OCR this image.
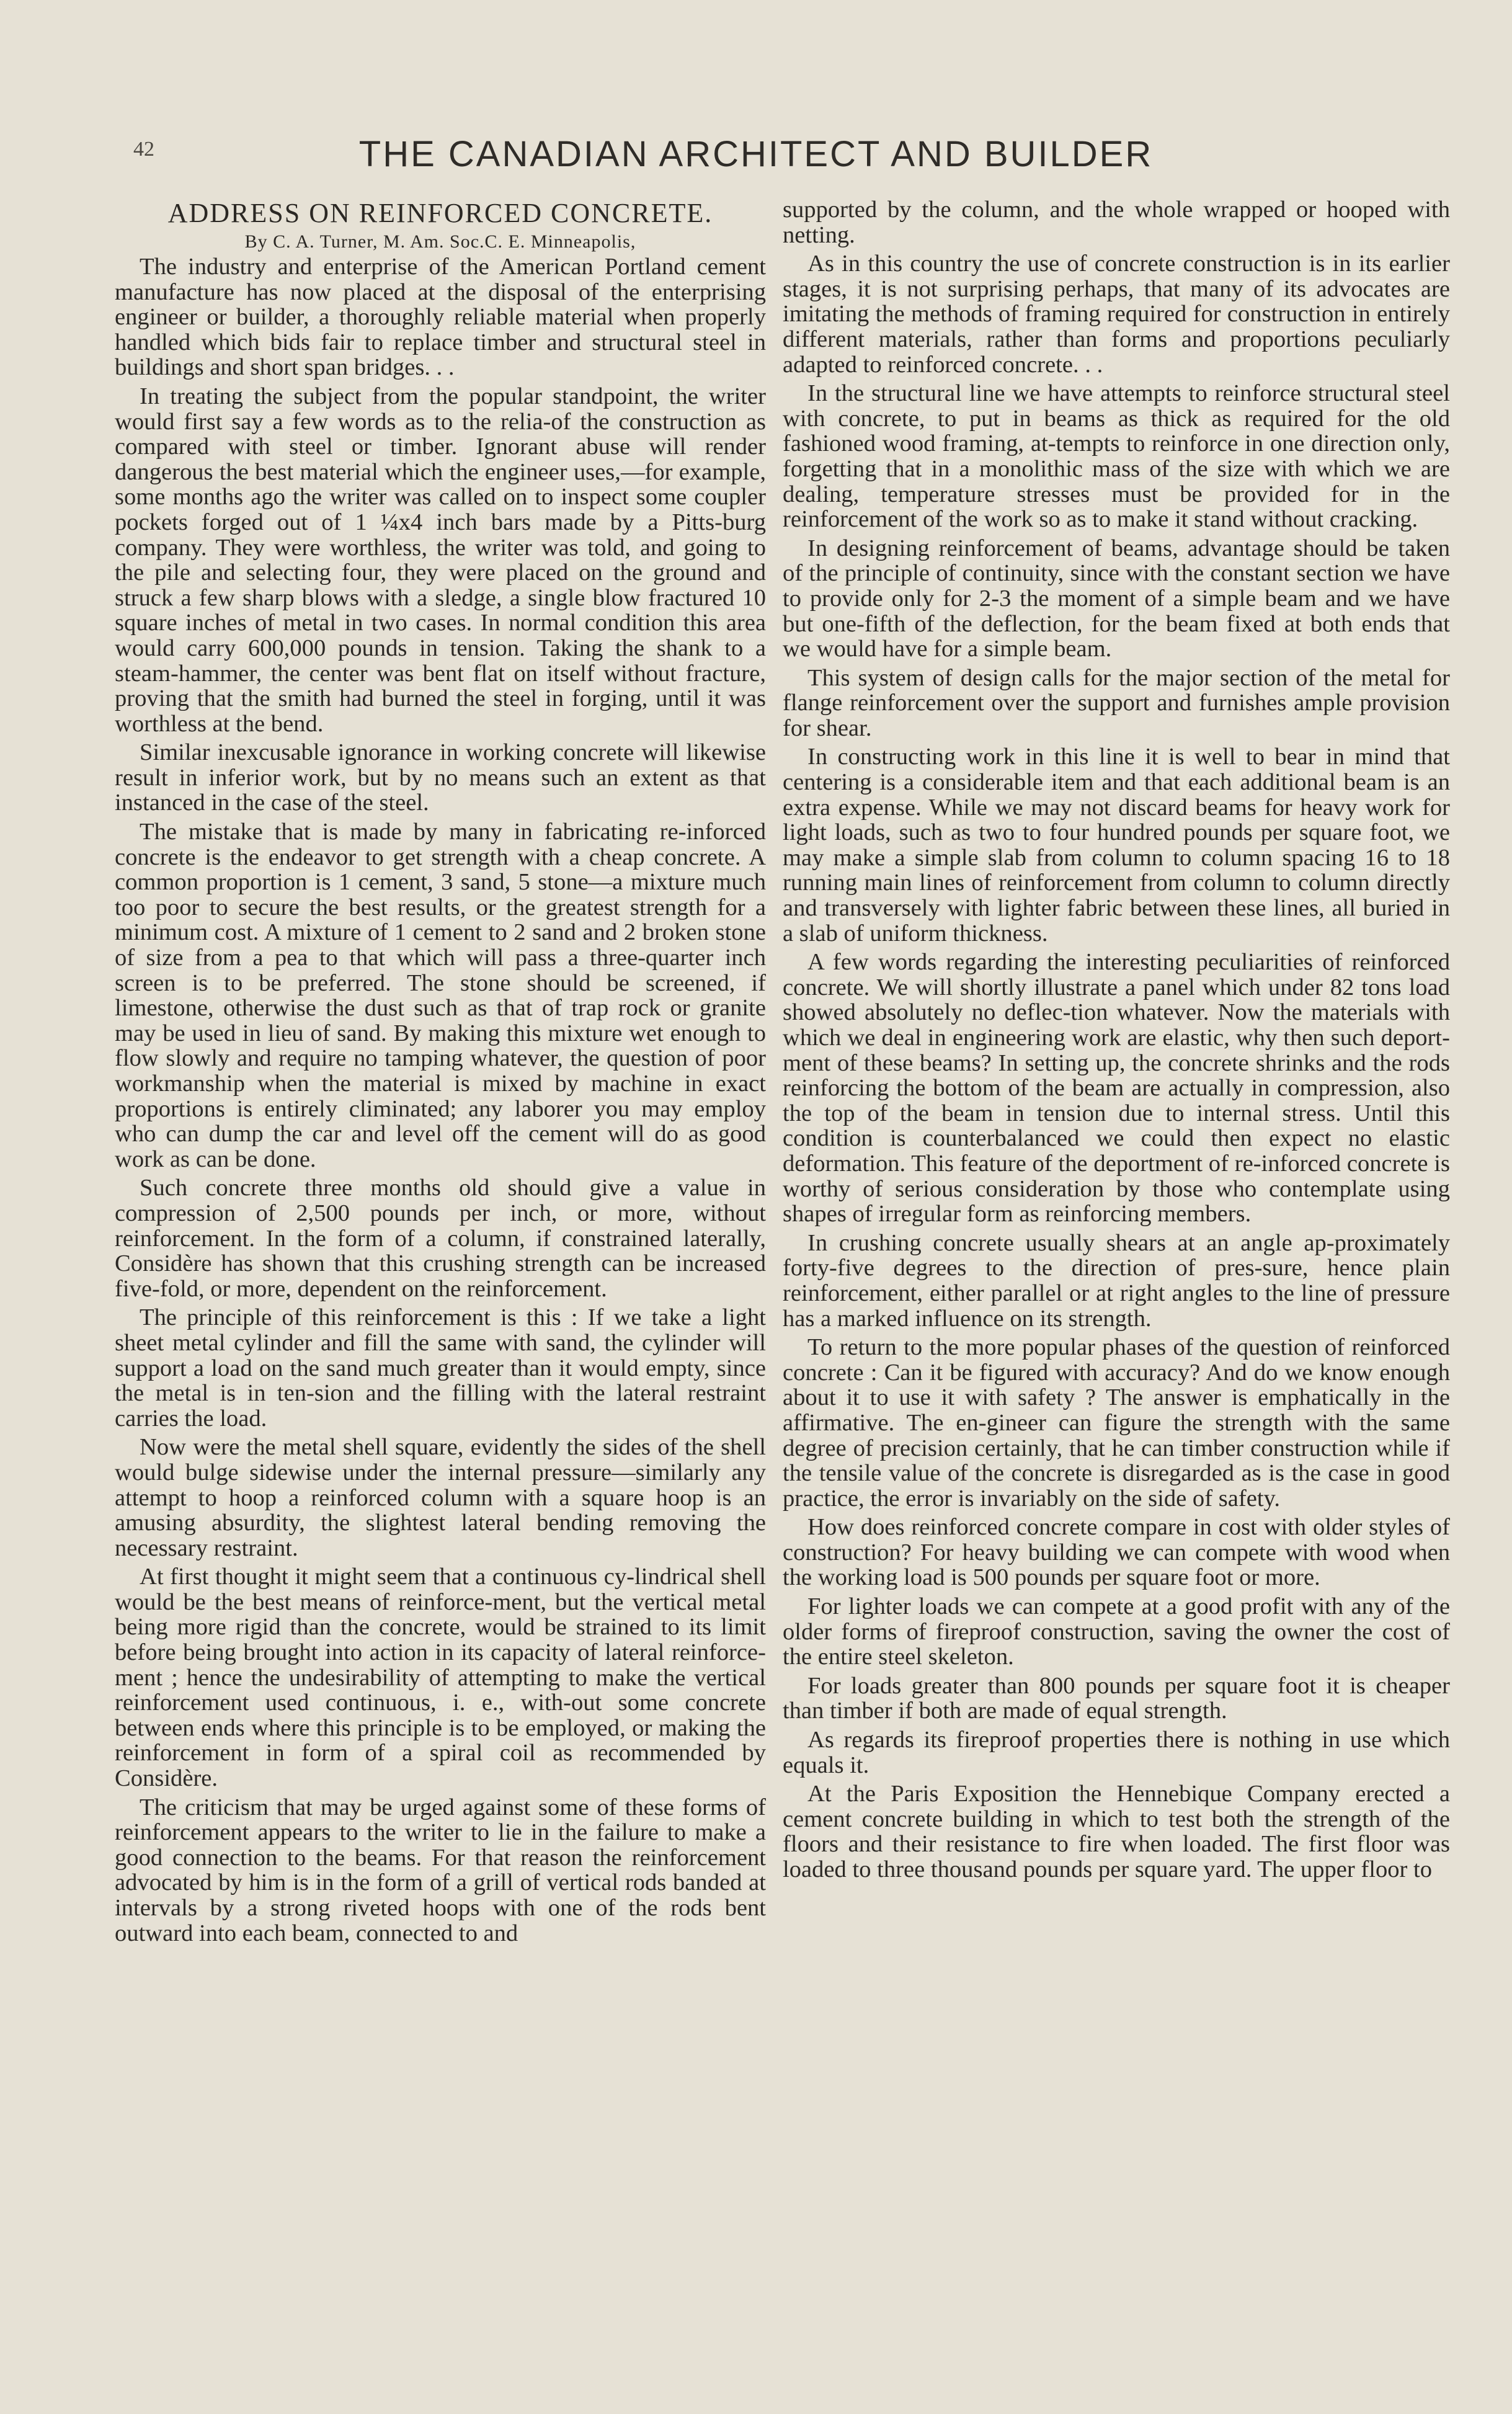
42	THE CANADIAN ARCHITECT AND BUILDER
ADDRESS ON REINFORCED CONCRETE.
By C. A. Turner, M. Am. Soc.C. E. Minneapolis,

The industry and enterprise of the American Portland cement manufacture has now placed at the disposal of the enterprising engineer or builder, a thoroughly reliable material when properly handled which bids fair to replace timber and structural steel in buildings and short span bridges. . .

In treating the subject from the popular standpoint, the writer would first say a few words as to the relia-of the construction as compared with steel or timber. Ignorant abuse will render dangerous the best material which the engineer uses,—for example, some months ago the writer was called on to inspect some coupler pockets forged out of 1 ¼x4 inch bars made by a Pitts-burg company. They were worthless, the writer was told, and going to the pile and selecting four, they were placed on the ground and struck a few sharp blows with a sledge, a single blow fractured 10 square inches of metal in two cases. In normal condition this area would carry 600,000 pounds in tension. Taking the shank to a steam-hammer, the center was bent flat on itself without fracture, proving that the smith had burned the steel in forging, until it was worthless at the bend.

Similar inexcusable ignorance in working concrete will likewise result in inferior work, but by no means such an extent as that instanced in the case of the steel.

The mistake that is made by many in fabricating re-inforced concrete is the endeavor to get strength with a cheap concrete. A common proportion is 1 cement, 3 sand, 5 stone—a mixture much too poor to secure the best results, or the greatest strength for a minimum cost. A mixture of 1 cement to 2 sand and 2 broken stone of size from a pea to that which will pass a three-quarter inch screen is to be preferred. The stone should be screened, if limestone, otherwise the dust such as that of trap rock or granite may be used in lieu of sand. By making this mixture wet enough to flow slowly and require no tamping whatever, the question of poor workmanship when the material is mixed by machine in exact proportions is entirely climinated; any laborer you may employ who can dump the car and level off the cement will do as good work as can be done.

Such concrete three months old should give a value in compression of 2,500 pounds per inch, or more, without reinforcement. In the form of a column, if constrained laterally, Considère has shown that this crushing strength can be increased five-fold, or more, dependent on the reinforcement.

The principle of this reinforcement is this : If we take a light sheet metal cylinder and fill the same with sand, the cylinder will support a load on the sand much greater than it would empty, since the metal is in ten-sion and the filling with the lateral restraint carries the load.

Now were the metal shell square, evidently the sides of the shell would bulge sidewise under the internal pressure—similarly any attempt to hoop a reinforced column with a square hoop is an amusing absurdity, the slightest lateral bending removing the necessary restraint.

At first thought it might seem that a continuous cy-lindrical shell would be the best means of reinforce-ment, but the vertical metal being more rigid than the concrete, would be strained to its limit before being brought into action in its capacity of lateral reinforce-ment ; hence the undesirability of attempting to make the vertical reinforcement used continuous, i. e., with-out some concrete between ends where this principle is to be employed, or making the reinforcement in form of a spiral coil as recommended by Considère.

The criticism that may be urged against some of these forms of reinforcement appears to the writer to lie in the failure to make a good connection to the beams. For that reason the reinforcement advocated by him is in the form of a grill of vertical rods banded at intervals by a strong riveted hoops with one of the rods bent outward into each beam, connected to and

supported by the column, and the whole wrapped or hooped with netting.

As in this country the use of concrete construction is in its earlier stages, it is not surprising perhaps, that many of its advocates are imitating the methods of framing required for construction in entirely different materials, rather than forms and proportions peculiarly adapted to reinforced concrete. . .

In the structural line we have attempts to reinforce structural steel with concrete, to put in beams as thick as required for the old fashioned wood framing, at-tempts to reinforce in one direction only, forgetting that in a monolithic mass of the size with which we are dealing, temperature stresses must be provided for in the reinforcement of the work so as to make it stand without cracking.

In designing reinforcement of beams, advantage should be taken of the principle of continuity, since with the constant section we have to provide only for 2-3 the moment of a simple beam and we have but one-fifth of the deflection, for the beam fixed at both ends that we would have for a simple beam.

This system of design calls for the major section of the metal for flange reinforcement over the support and furnishes ample provision for shear.

In constructing work in this line it is well to bear in mind that centering is a considerable item and that each additional beam is an extra expense. While we may not discard beams for heavy work for light loads, such as two to four hundred pounds per square foot, we may make a simple slab from column to column spacing 16 to 18 running main lines of reinforcement from column to column directly and transversely with lighter fabric between these lines, all buried in a slab of uniform thickness.

A few words regarding the interesting peculiarities of reinforced concrete. We will shortly illustrate a panel which under 82 tons load showed absolutely no deflec-tion whatever. Now the materials with which we deal in engineering work are elastic, why then such deport-ment of these beams? In setting up, the concrete shrinks and the rods reinforcing the bottom of the beam are actually in compression, also the top of the beam in tension due to internal stress. Until this condition is counterbalanced we could then expect no elastic deformation. This feature of the deportment of re-inforced concrete is worthy of serious consideration by those who contemplate using shapes of irregular form as reinforcing members.

In crushing concrete usually shears at an angle ap-proximately forty-five degrees to the direction of pres-sure, hence plain reinforcement, either parallel or at right angles to the line of pressure has a marked influence on its strength.

To return to the more popular phases of the question of reinforced concrete : Can it be figured with accuracy? And do we know enough about it to use it with safety ? The answer is emphatically in the affirmative. The en-gineer can figure the strength with the same degree of precision certainly, that he can timber construction while if the tensile value of the concrete is disregarded as is the case in good practice, the error is invariably on the side of safety.

How does reinforced concrete compare in cost with older styles of construction? For heavy building we can compete with wood when the working load is 500 pounds per square foot or more.

For lighter loads we can compete at a good profit with any of the older forms of fireproof construction, saving the owner the cost of the entire steel skeleton.

For loads greater than 800 pounds per square foot it is cheaper than timber if both are made of equal strength.

As regards its fireproof properties there is nothing in use which equals it.

At the Paris Exposition the Hennebique Company erected a cement concrete building in which to test both the strength of the floors and their resistance to fire when loaded. The first floor was loaded to three thousand pounds per square yard. The upper floor to
